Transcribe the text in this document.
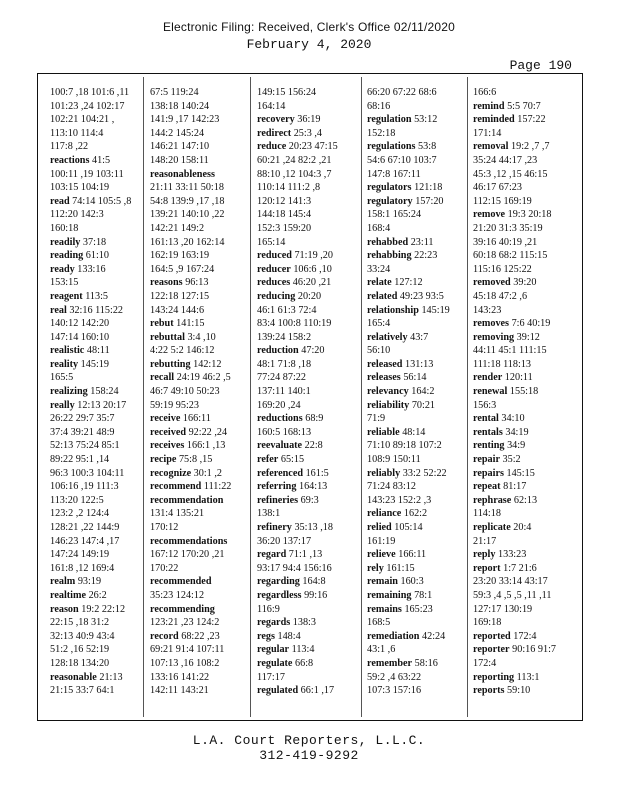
Electronic Filing: Received, Clerk's Office 02/11/2020
February 4, 2020
Page 190
100:7 ,18 101:6 ,11
101:23 ,24 102:17
102:21 104:21 ,
113:10 114:4
117:8 ,22
reactions 41:5
100:11 ,19 103:11
103:15 104:19
read 74:14 105:5 ,8
112:20 142:3
160:18
readily 37:18
reading 61:10
ready 133:16
153:15
reagent 113:5
real 32:16 115:22
140:12 142:20
147:14 160:10
realistic 48:11
reality 145:19
165:5
realizing 158:24
really 12:13 20:17
26:22 29:7 35:7
37:4 39:21 48:9
52:13 75:24 85:1
89:22 95:1 ,14
96:3 100:3 104:11
106:16 ,19 111:3
113:20 122:5
123:2 ,2 124:4
128:21 ,22 144:9
146:23 147:4 ,17
147:24 149:19
161:8 ,12 169:4
realm 93:19
realtime 26:2
reason 19:2 22:12
22:15 ,18 31:2
32:13 40:9 43:4
51:2 ,16 52:19
128:18 134:20
reasonable 21:13
21:15 33:7 64:1
67:5 119:24
138:18 140:24
141:9 ,17 142:23
144:2 145:24
146:21 147:10
148:20 158:11
reasonableness
21:11 33:11 50:18
54:8 139:9 ,17 ,18
139:21 140:10 ,22
142:21 149:2
161:13 ,20 162:14
162:19 163:19
164:5 ,9 167:24
reasons 96:13
122:18 127:15
143:24 144:6
rebut 141:15
rebuttal 3:4 ,10
4:22 5:2 146:12
rebutting 142:12
recall 24:19 46:2 ,5
46:7 49:10 50:23
59:19 95:23
receive 166:11
received 92:22 ,24
receives 166:1 ,13
recipe 75:8 ,15
recognize 30:1 ,2
recommend 111:22
recommendation
131:4 135:21
170:12
recommendations
167:12 170:20 ,21
170:22
recommended
35:23 124:12
recommending
123:21 ,23 124:2
record 68:22 ,23
69:21 91:4 107:11
107:13 ,16 108:2
133:16 141:22
142:11 143:21
149:15 156:24
164:14
recovery 36:19
redirect 25:3 ,4
reduce 20:23 47:15
60:21 ,24 82:2 ,21
88:10 ,12 104:3 ,7
110:14 111:2 ,8
120:12 141:3
144:18 145:4
152:3 159:20
165:14
reduced 71:19 ,20
reducer 106:6 ,10
reduces 46:20 ,21
reducing 20:20
46:1 61:3 72:4
83:4 100:8 110:19
139:24 158:2
reduction 47:20
48:1 71:8 ,18
77:24 87:22
137:11 140:1
169:20 ,24
reductions 68:9
160:5 168:13
reevaluate 22:8
refer 65:15
referenced 161:5
referring 164:13
refineries 69:3
138:1
refinery 35:13 ,18
36:20 137:17
regard 71:1 ,13
93:17 94:4 156:16
regarding 164:8
regardless 99:16
116:9
regards 138:3
regs 148:4
regular 113:4
regulate 66:8
117:17
regulated 66:1 ,17
66:20 67:22 68:6
68:16
regulation 53:12
152:18
regulations 53:8
54:6 67:10 103:7
147:8 167:11
regulators 121:18
regulatory 157:20
158:1 165:24
168:4
rehabbed 23:11
rehabbing 22:23
33:24
relate 127:12
related 49:23 93:5
relationship 145:19
165:4
relatively 43:7
56:10
released 131:13
releases 56:14
relevancy 164:2
reliability 70:21
71:9
reliable 48:14
71:10 89:18 107:2
108:9 150:11
reliably 33:2 52:22
71:24 83:12
143:23 152:2 ,3
reliance 162:2
relied 105:14
161:19
relieve 166:11
rely 161:15
remain 160:3
remaining 78:1
remains 165:23
168:5
remediation 42:24
43:1 ,6
remember 58:16
59:2 ,4 63:22
107:3 157:16
166:6
remind 5:5 70:7
reminded 157:22
171:14
removal 19:2 ,7 ,7
35:24 44:17 ,23
45:3 ,12 ,15 46:15
46:17 67:23
112:15 169:19
remove 19:3 20:18
21:20 31:3 35:19
39:16 40:19 ,21
60:18 68:2 115:15
115:16 125:22
removed 39:20
45:18 47:2 ,6
143:23
removes 7:6 40:19
removing 39:12
44:11 45:1 111:15
111:18 118:13
render 120:11
renewal 155:18
156:3
rental 34:10
rentals 34:19
renting 34:9
repair 35:2
repairs 145:15
repeat 81:17
rephrase 62:13
114:18
replicate 20:4
21:17
reply 133:23
report 1:7 21:6
23:20 33:14 43:17
59:3 ,4 ,5 ,5 ,11 ,11
127:17 130:19
169:18
reported 172:4
reporter 90:16 91:7
172:4
reporting 113:1
reports 59:10
L.A. Court Reporters, L.L.C.
312-419-9292
